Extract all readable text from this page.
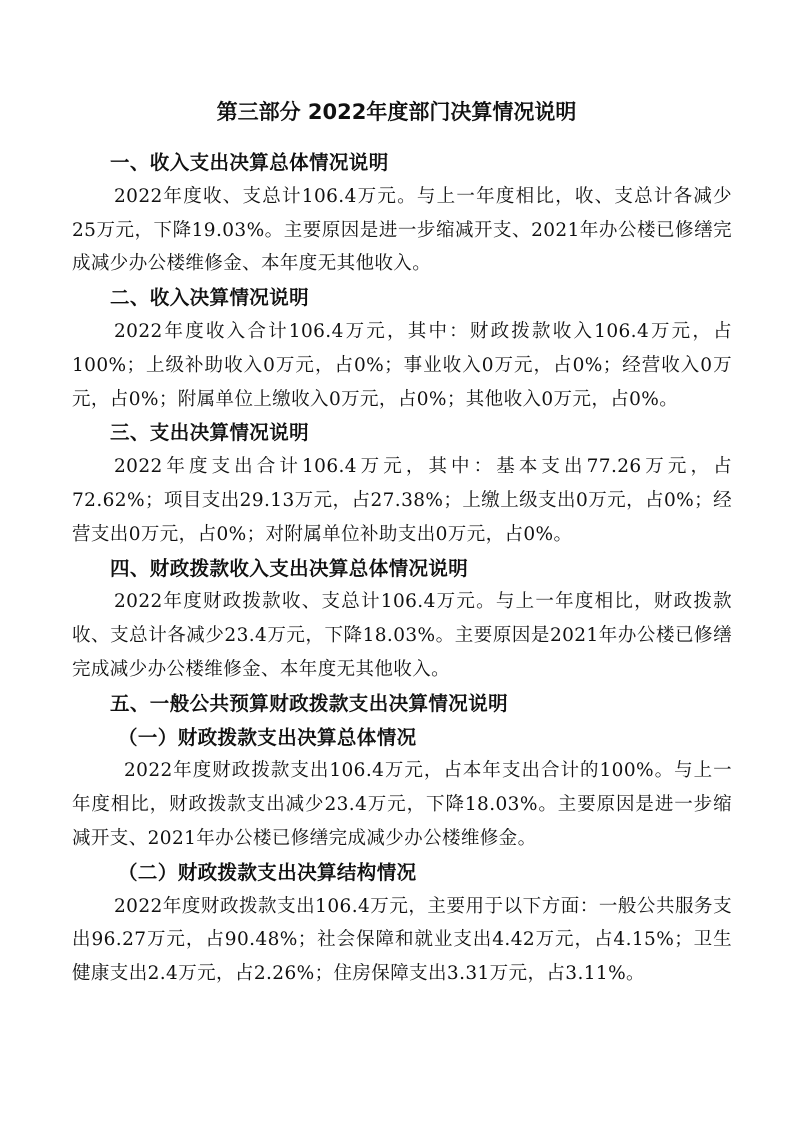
第三部分 2022年度部门决算情况说明
一、收入支出决算总体情况说明

2022年度收、支总计106.4万元。与上一年度相比，收、支总计各减少25万元，下降19.03%。主要原因是进一步缩减开支、2021年办公楼已修缮完成减少办公楼维修金、本年度无其他收入。

二、收入决算情况说明

2022年度收入合计106.4万元，其中：财政拨款收入106.4万元，占100%；上级补助收入0万元，占0%；事业收入0万元，占0%；经营收入0万元，占0%；附属单位上缴收入0万元，占0%；其他收入0万元，占0%。

三、支出决算情况说明

2022年度支出合计106.4万元，其中：基本支出77.26万元，占72.62%；项目支出29.13万元，占27.38%；上缴上级支出0万元，占0%；经营支出0万元，占0%；对附属单位补助支出0万元，占0%。

四、财政拨款收入支出决算总体情况说明

2022年度财政拨款收、支总计106.4万元。与上一年度相比，财政拨款收、支总计各减少23.4万元，下降18.03%。主要原因是2021年办公楼已修缮完成减少办公楼维修金、本年度无其他收入。

五、一般公共预算财政拨款支出决算情况说明
（一）财政拨款支出决算总体情况

2022年度财政拨款支出106.4万元，占本年支出合计的100%。与上一年度相比，财政拨款支出减少23.4万元，下降18.03%。主要原因是进一步缩减开支、2021年办公楼已修缮完成减少办公楼维修金。

（二）财政拨款支出决算结构情况

2022年度财政拨款支出106.4万元，主要用于以下方面：一般公共服务支出96.27万元，占90.48%；社会保障和就业支出4.42万元，占4.15%；卫生健康支出2.4万元，占2.26%；住房保障支出3.31万元，占3.11%。
